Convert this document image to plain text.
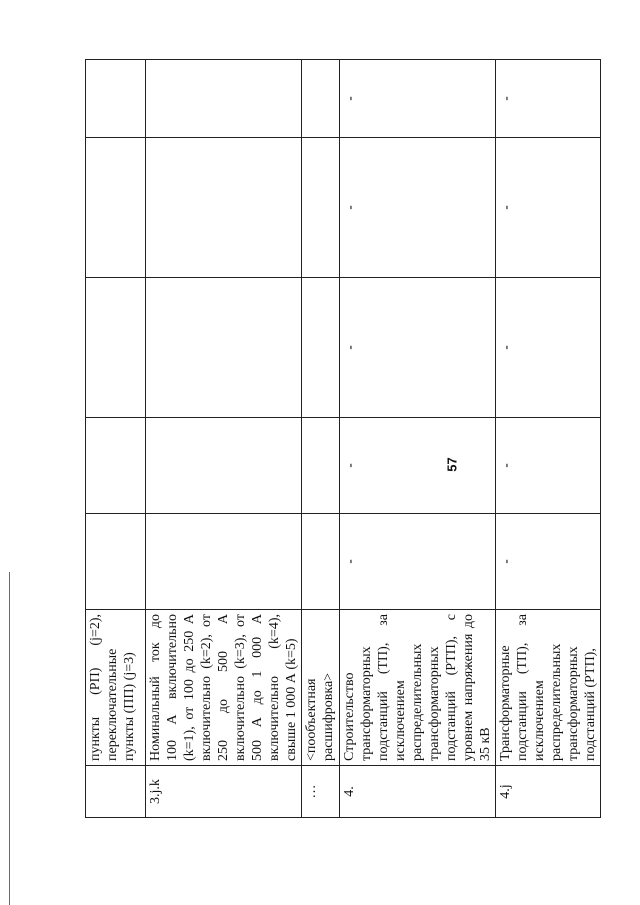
57
	пункты (РП) (j=2), переключательные пункты (ПП) (j=3)					
3.j.k	Номинальный ток до 100 А включительно (k=1), от 100 до 250 А включительно (k=2), от 250 до 500 А включительно (k=3), от 500 А до 1 000 А включительно (k=4), свыше 1 000 А (k=5)					
…	<пообъектная расшифровка>					
4.	Строительство трансформаторных подстанций (ТП), за исключением распределительных трансформаторных подстанций (РТП), с уровнем напряжения до 35 кВ	-	-	-	-	-
4.j	Трансформаторные подстанции (ТП), за исключением распределительных трансформаторных подстанций (РТП),	-	-	-	-	-
